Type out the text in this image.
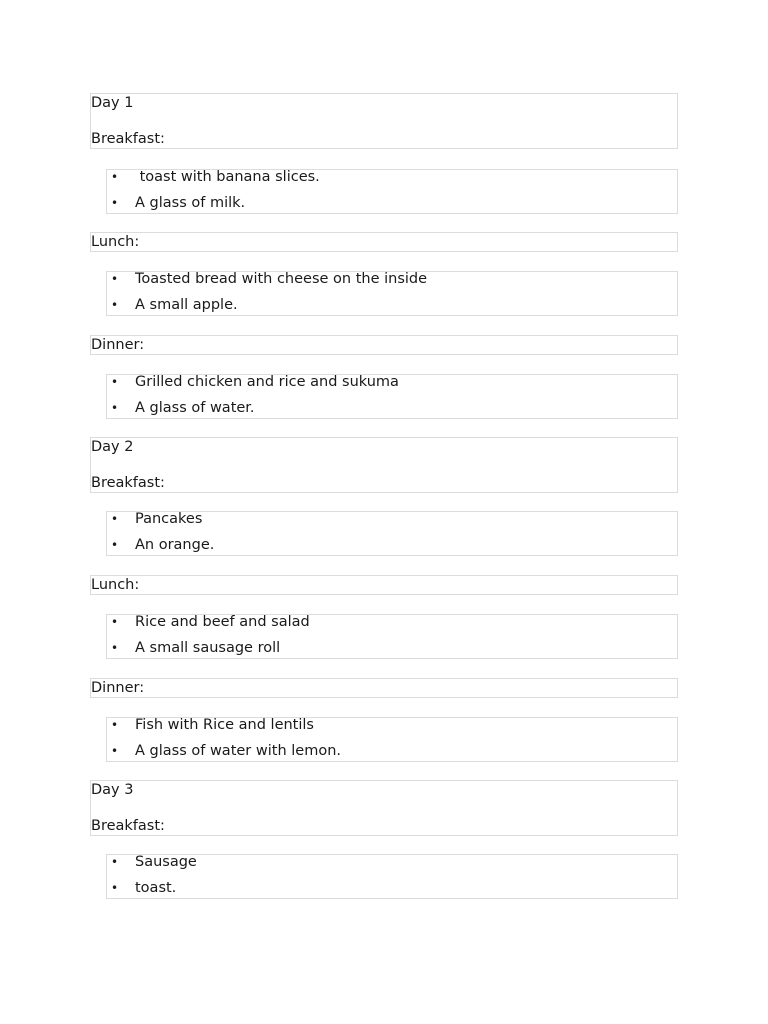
Day 1
Breakfast:
• toast with banana slices.
• A glass of milk.
Lunch:
• Toasted bread with cheese on the inside
• A small apple.
Dinner:
• Grilled chicken and rice and sukuma
• A glass of water.
Day 2
Breakfast:
• Pancakes
• An orange.
Lunch:
• Rice and beef and salad
• A small sausage roll
Dinner:
• Fish with Rice and lentils
• A glass of water with lemon.
Day 3
Breakfast:
• Sausage
• toast.
